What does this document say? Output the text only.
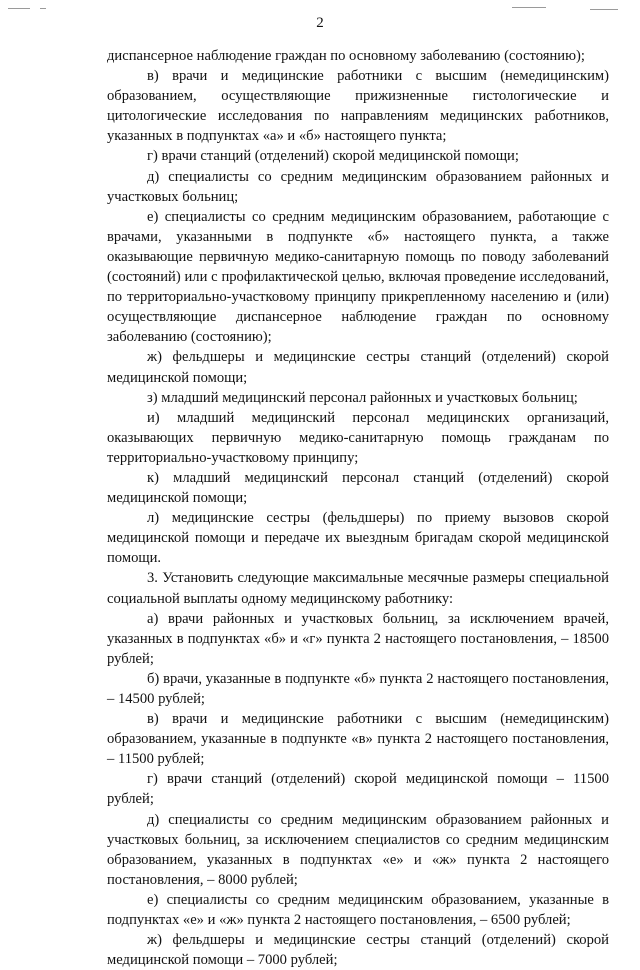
2

диспансерное наблюдение граждан по основному заболеванию (состоянию);

в) врачи и медицинские работники с высшим (немедицинским) образованием, осуществляющие прижизненные гистологические и цитологические исследования по направлениям медицинских работников, указанных в подпунктах «а» и «б» настоящего пункта;

г) врачи станций (отделений) скорой медицинской помощи;

д) специалисты со средним медицинским образованием районных и участковых больниц;

е) специалисты со средним медицинским образованием, работающие с врачами, указанными в подпункте «б» настоящего пункта, а также оказывающие первичную медико-санитарную помощь по поводу заболеваний (состояний) или с профилактической целью, включая проведение исследований, по территориально-участковому принципу прикрепленному населению и (или) осуществляющие диспансерное наблюдение граждан по основному заболеванию (состоянию);

ж) фельдшеры и медицинские сестры станций (отделений) скорой медицинской помощи;

з) младший медицинский персонал районных и участковых больниц;

и) младший медицинский персонал медицинских организаций, оказывающих первичную медико-санитарную помощь гражданам по территориально-участковому принципу;

к) младший медицинский персонал станций (отделений) скорой медицинской помощи;

л) медицинские сестры (фельдшеры) по приему вызовов скорой медицинской помощи и передаче их выездным бригадам скорой медицинской помощи.

3. Установить следующие максимальные месячные размеры специальной социальной выплаты одному медицинскому работнику:

а) врачи районных и участковых больниц, за исключением врачей, указанных в подпунктах «б» и «г» пункта 2 настоящего постановления, – 18500 рублей;

б) врачи, указанные в подпункте «б» пункта 2 настоящего постановления, – 14500 рублей;

в) врачи и медицинские работники с высшим (немедицинским) образованием, указанные в подпункте «в» пункта 2 настоящего постановления, – 11500 рублей;

г) врачи станций (отделений) скорой медицинской помощи – 11500 рублей;

д) специалисты со средним медицинским образованием районных и участковых больниц, за исключением специалистов со средним медицинским образованием, указанных в подпунктах «е» и «ж» пункта 2 настоящего постановления, – 8000 рублей;

е) специалисты со средним медицинским образованием, указанные в подпунктах «е» и «ж» пункта 2 настоящего постановления, – 6500 рублей;

ж) фельдшеры и медицинские сестры станций (отделений) скорой медицинской помощи – 7000 рублей;
